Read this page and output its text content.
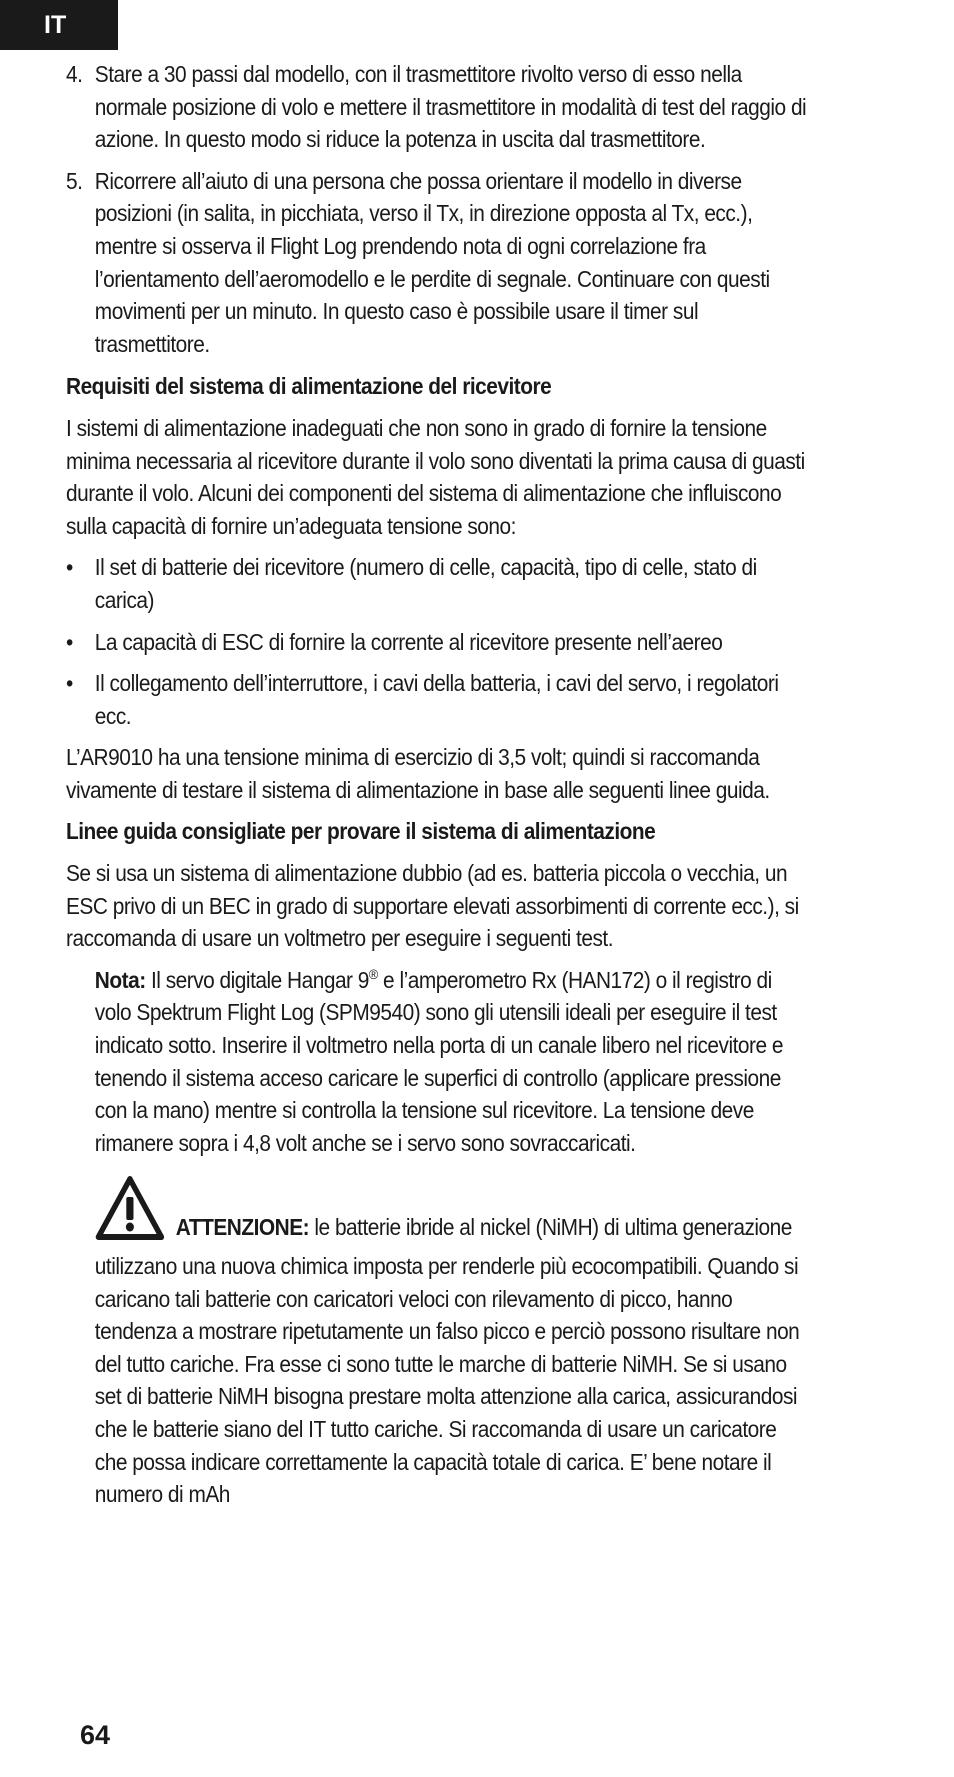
IT
4. Stare a 30 passi dal modello, con il trasmettitore rivolto verso di esso nella normale posizione di volo e mettere il trasmettitore in modalità di test del raggio di azione. In questo modo si riduce la potenza in uscita dal trasmettitore.
5. Ricorrere all’aiuto di una persona che possa orientare il modello in diverse posizioni (in salita, in picchiata, verso il Tx, in direzione opposta al Tx, ecc.), mentre si osserva il Flight Log prendendo nota di ogni correlazione fra l’orientamento dell’aeromodello e le perdite di segnale. Continuare con questi movimenti per un minuto. In questo caso è possibile usare il timer sul trasmettitore.

Requisiti del sistema di alimentazione del ricevitore

I sistemi di alimentazione inadeguati che non sono in grado di fornire la tensione minima necessaria al ricevitore durante il volo sono diventati la prima causa di guasti durante il volo. Alcuni dei componenti del sistema di alimentazione che influiscono sulla capacità di fornire un’adeguata tensione sono:

• Il set di batterie dei ricevitore (numero di celle, capacità, tipo di celle, stato di carica)
• La capacità di ESC di fornire la corrente al ricevitore presente nell’aereo
• Il collegamento dell’interruttore, i cavi della batteria, i cavi del servo, i regolatori ecc.

L’AR9010 ha una tensione minima di esercizio di 3,5 volt; quindi si raccomanda vivamente di testare il sistema di alimentazione in base alle seguenti linee guida.

Linee guida consigliate per provare il sistema di alimentazione

Se si usa un sistema di alimentazione dubbio (ad es. batteria piccola o vecchia, un ESC privo di un BEC in grado di supportare elevati assorbimenti di corrente ecc.), si raccomanda di usare un voltmetro per eseguire i seguenti test.

Nota: Il servo digitale Hangar 9® e l’amperometro Rx (HAN172) o il registro di volo Spektrum Flight Log (SPM9540) sono gli utensili ideali per eseguire il test indicato sotto. Inserire il voltmetro nella porta di un canale libero nel ricevitore e tenendo il sistema acceso caricare le superfici di controllo (applicare pressione con la mano) mentre si controlla la tensione sul ricevitore. La tensione deve rimanere sopra i 4,8 volt anche se i servo sono sovraccaricati.

ATTENZIONE: le batterie ibride al nickel (NiMH) di ultima generazione utilizzano una nuova chimica imposta per renderle più ecocompatibili. Quando si caricano tali batterie con caricatori veloci con rilevamento di picco, hanno tendenza a mostrare ripetutamente un falso picco e perciò possono risultare non del tutto cariche. Fra esse ci sono tutte le marche di batterie NiMH. Se si usano set di batterie NiMH bisogna prestare molta attenzione alla carica, assicurandosi che le batterie siano del IT tutto cariche. Si raccomanda di usare un caricatore che possa indicare correttamente la capacità totale di carica. E’ bene notare il numero di mAh

64
